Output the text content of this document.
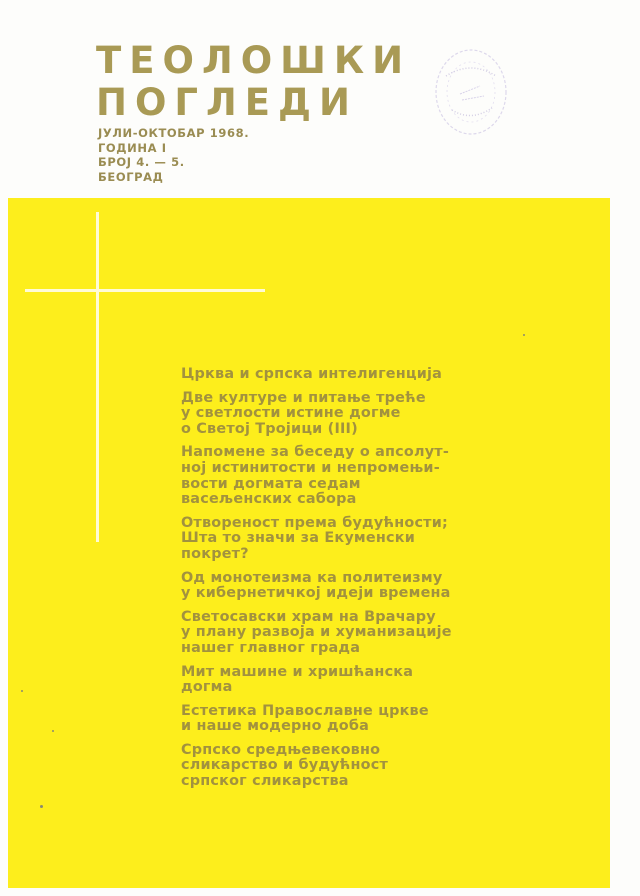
ТЕОЛОШКИ
ПОГЛЕДИ
ЈУЛИ-ОКТОБАР 1968.
ГОДИНА I
БРОЈ 4. — 5.
БЕОГРАД
Црква и српска интелигенција
Две културе и питање треће
у светлости истине догме
о Светој Тројици (III)
Напомене за беседу о апсолут-
ној истинитости и непромењи-
вости догмата седам
васељенских сабора
Отвореност према будућности;
Шта то значи за Екуменски
покрет?
Од монотеизма ка политеизму
у кибернетичкој идеји времена
Светосавски храм на Врачару
у плану развоја и хуманизације
нашег главног града
Мит машине и хришћанска
догма
Естетика Православне цркве
и наше модерно доба
Српско средњевековно
сликарство и будућност
српског сликарства
